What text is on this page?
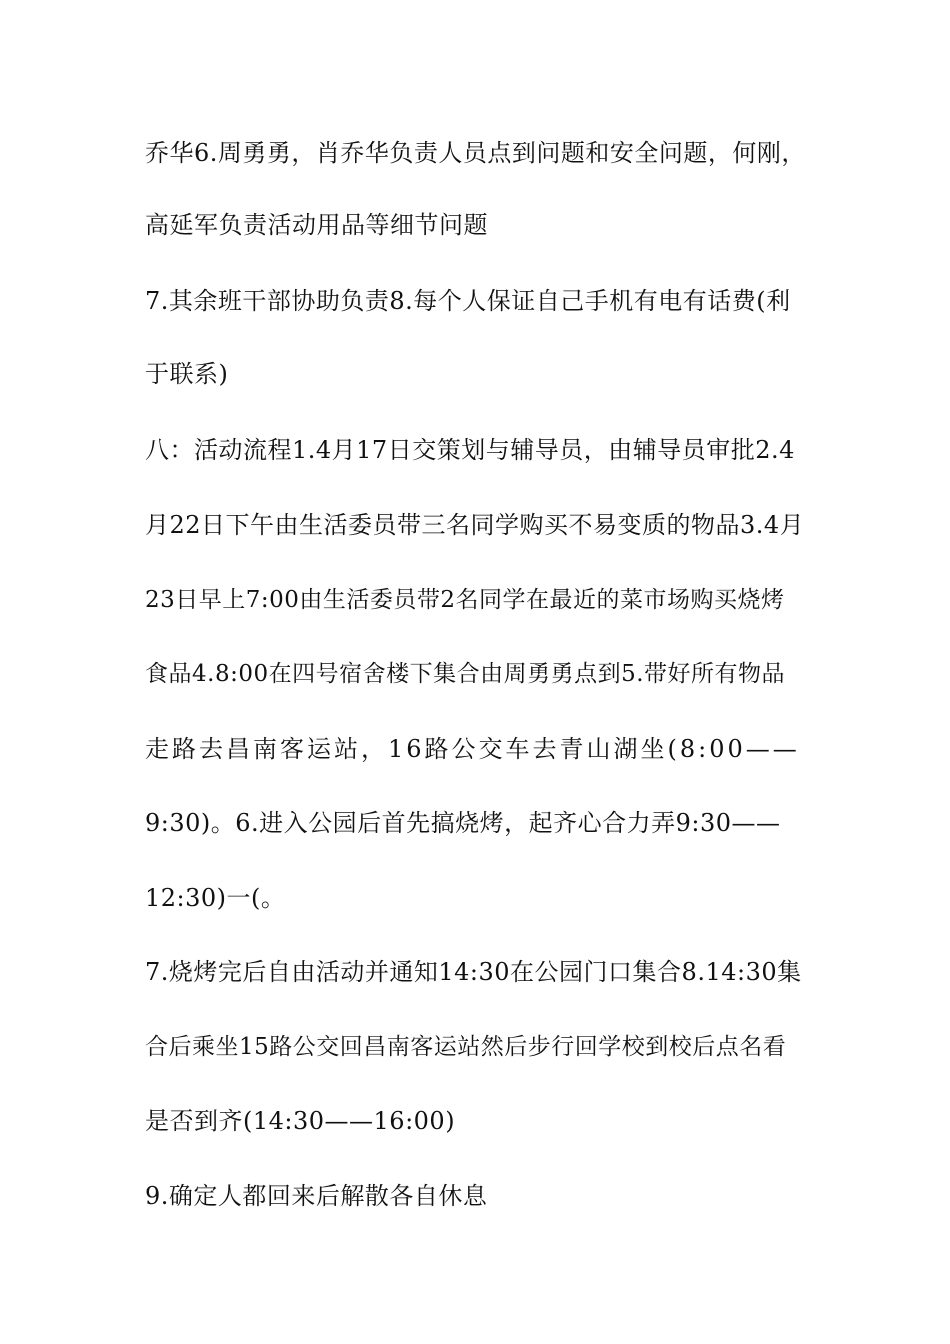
乔华6.周勇勇，肖乔华负责人员点到问题和安全问题，何刚，
高延军负责活动用品等细节问题
7.其余班干部协助负责8.每个人保证自己手机有电有话费(利
于联系)
八：活动流程1.4月17日交策划与辅导员，由辅导员审批2.4
月22日下午由生活委员带三名同学购买不易变质的物品3.4月
23日早上7:00由生活委员带2名同学在最近的菜市场购买烧烤
食品4.8:00在四号宿舍楼下集合由周勇勇点到5.带好所有物品
走路去昌南客运站，16路公交车去青山湖坐(8:00——
9:30)。6.进入公园后首先搞烧烤，起齐心合力弄9:30——
12:30)一(。
7.烧烤完后自由活动并通知14:30在公园门口集合8.14:30集
合后乘坐15路公交回昌南客运站然后步行回学校到校后点名看
是否到齐(14:30——16:00)
9.确定人都回来后解散各自休息
